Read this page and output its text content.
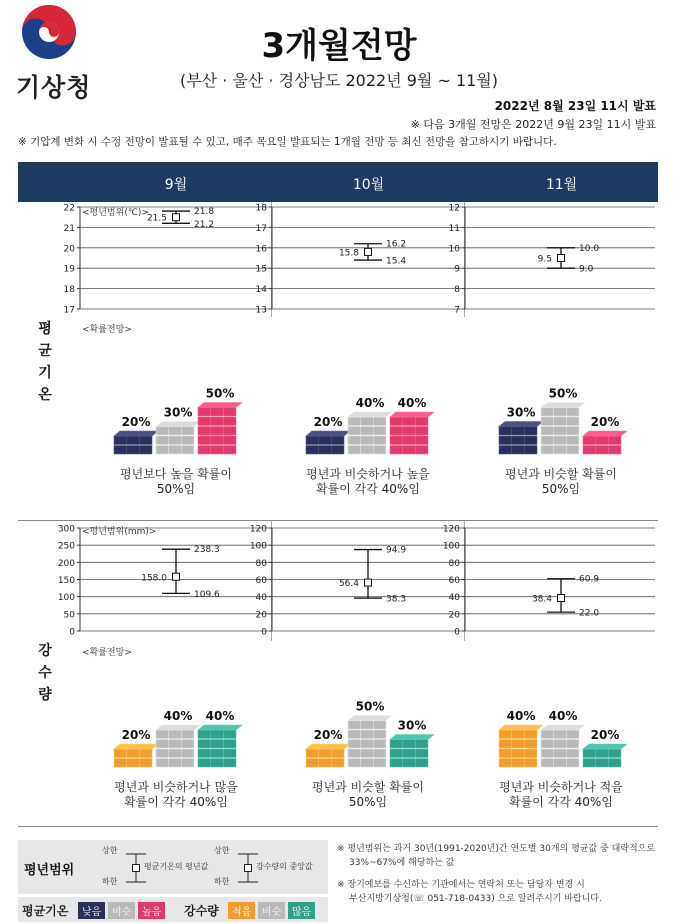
기상청
3개월전망
(부산 · 울산 · 경상남도 2022년 9월 ~ 11월)
2022년 8월 23일 11시 발표
※ 다음 3개월 전망은 2022년 9월 23일 11시 발표
※ 기압계 변화 시 수정 전망이 발표될 수 있고, 매주 목요일 발표되는 1개월 전망 등 최신 전망을 참고하시기 바랍니다.
9월	10월	11월
평
균
기
온
강
수
량
<평년범위(℃)>
<확률전망>
<평년범위(mm)>
<확률전망>
22
21
20
19
18
17
21.8
21.2
21.5
18
17
16
15
14
13
16.2
15.4
15.8
12
11
10
9
8
7
10.0
9.0
9.5
300
250
200
150
100
50
0
238.3
109.6
158.0
120
100
80
60
40
20
0
94.9
38.3
56.4
120
100
80
60
40
20
0
60.9
22.0
38.4
20%
30%
50%
평년보다 높을 확률이
50%임
20%
40% 40%
평년과 비슷하거나 높을
확률이 각각 40%임
30%
50%
20%
평년과 비슷할 확률이
50%임
20%
40% 40%
평년과 비슷하거나 많을
확률이 각각 40%임
20%
50%
30%
평년과 비슷할 확률이
50%임
40% 40%
20%
평년과 비슷하거나 적을
확률이 각각 40%임
평년범위
상한
하한
평균기온의 평년값
상한
하한
강수량의 중앙값
평균기온	낮음	비슷	높음	강수량	적음	비슷	많음
※ 평년범위는 과거 30년(1991-2020년)간 연도별 30개의 평균값 중 대략적으로
33%~67%에 해당하는 값
※ 장기예보를 수신하는 기관에서는 연락처 또는 담당자 변경 시
부산지방기상청(☏ 051-718-0433) 으로 알려주시기 바랍니다.
